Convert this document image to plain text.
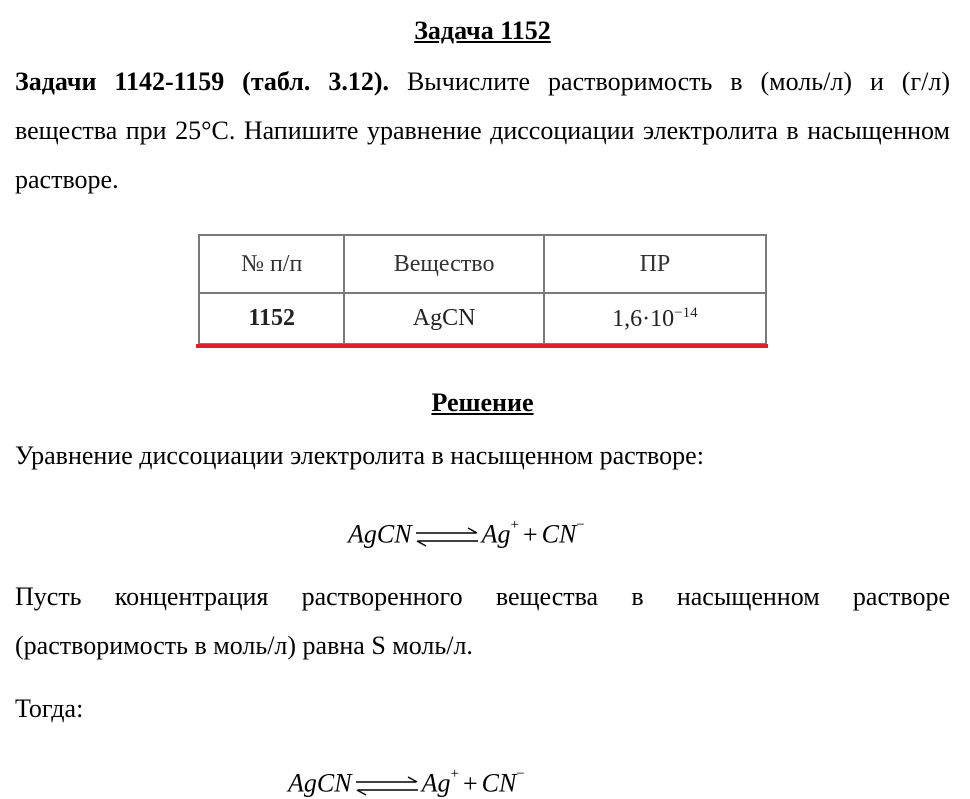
Задача 1152
Задачи 1142-1159 (табл. 3.12). Вычислите растворимость в (моль/л) и (г/л) вещества при 25°С. Напишите уравнение диссоциации электролита в насыщенном растворе.
№ п/п	Вещество	ПР
1152	AgCN	$1,6\cdot 10^{-14}$
Решение
Уравнение диссоциации электролита в насыщенном растворе:
AgCN ⇌ Ag+ + CN−
Пусть концентрация растворенного вещества в насыщенном растворе (растворимость в моль/л) равна S моль/л.
Тогда:
AgCN ⇌ Ag+ + CN−
